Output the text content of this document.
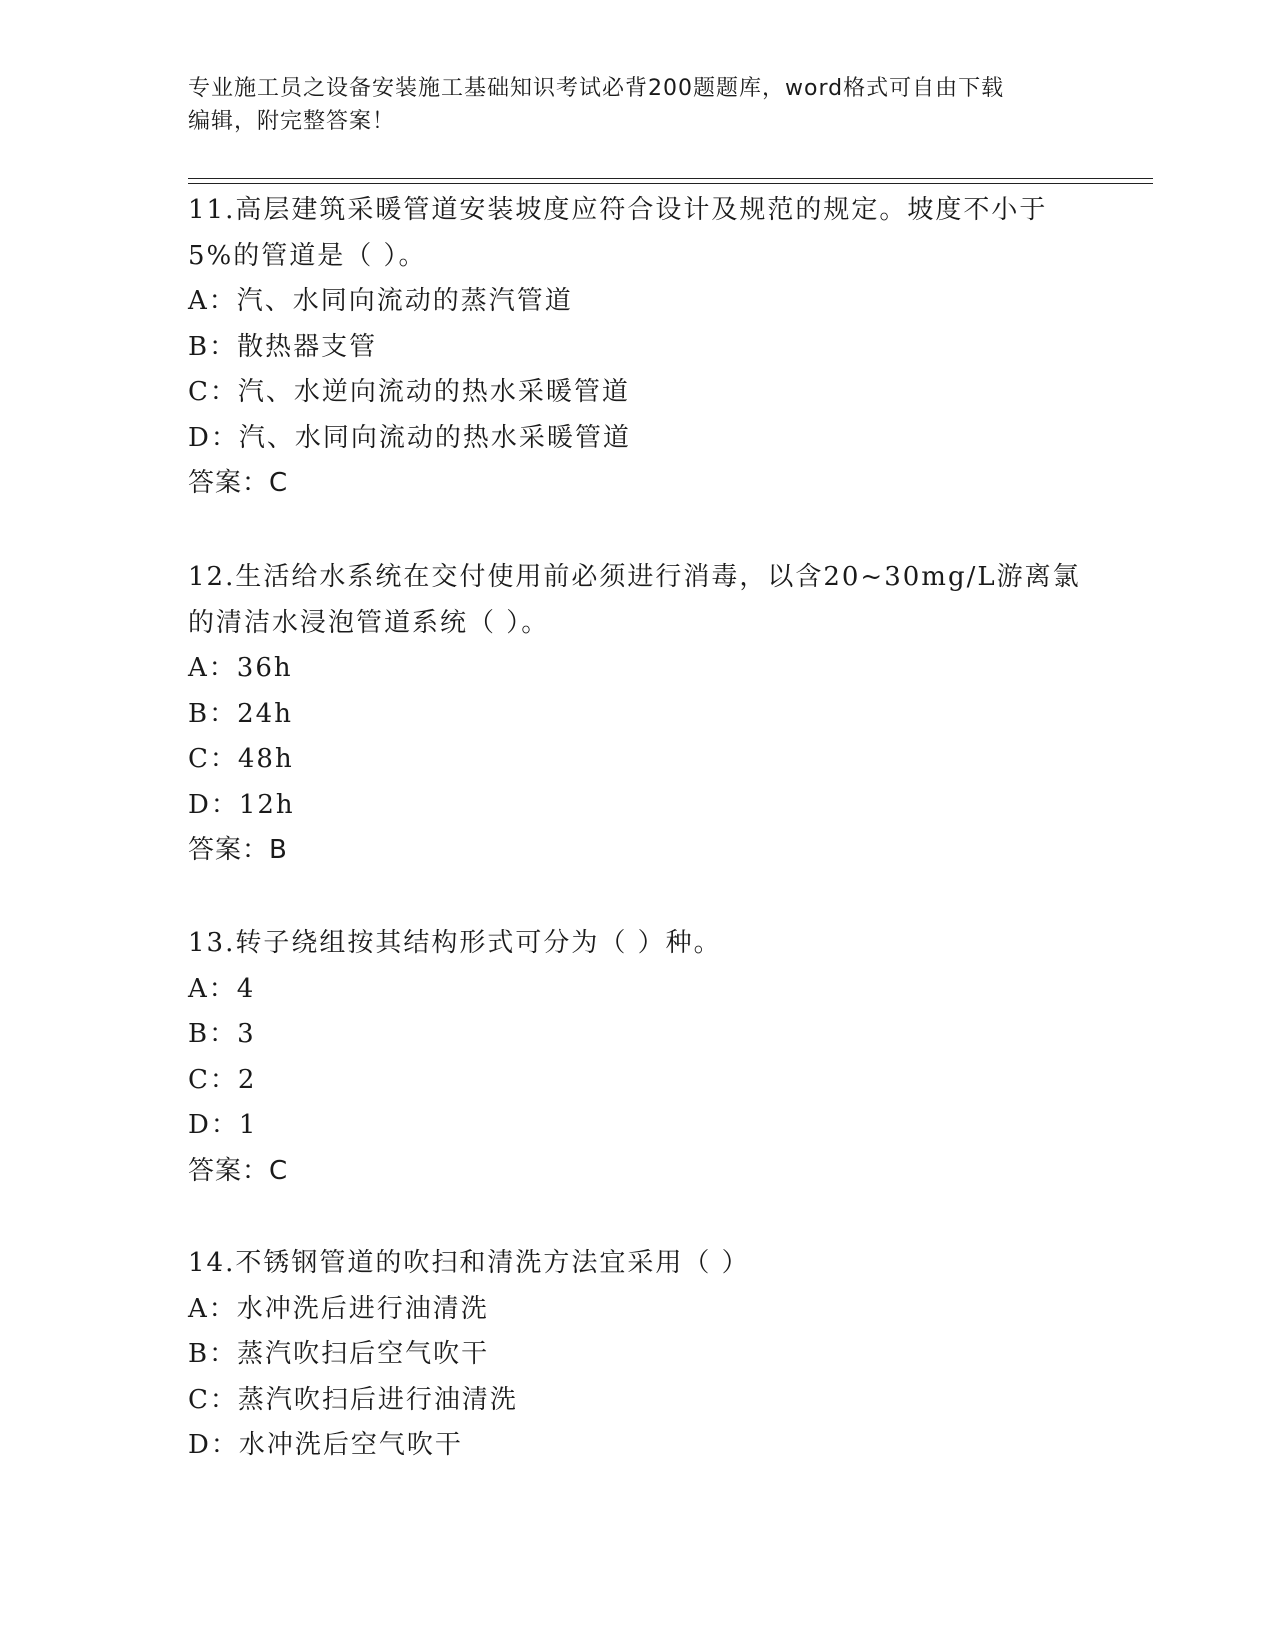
专业施工员之设备安装施工基础知识考试必背200题题库，word格式可自由下载
编辑，附完整答案！
11.高层建筑采暖管道安装坡度应符合设计及规范的规定。坡度不小于
5%的管道是（ ）。
A：汽、水同向流动的蒸汽管道
B：散热器支管
C：汽、水逆向流动的热水采暖管道
D：汽、水同向流动的热水采暖管道
答案：C
12.生活给水系统在交付使用前必须进行消毒，以含20~30mg/L游离氯
的清洁水浸泡管道系统（ ）。
A：36h
B：24h
C：48h
D：12h
答案：B
13.转子绕组按其结构形式可分为（ ）种。
A：4
B：3
C：2
D：1
答案：C
14.不锈钢管道的吹扫和清洗方法宜采用（ ）
A：水冲洗后进行油清洗
B：蒸汽吹扫后空气吹干
C：蒸汽吹扫后进行油清洗
D：水冲洗后空气吹干
